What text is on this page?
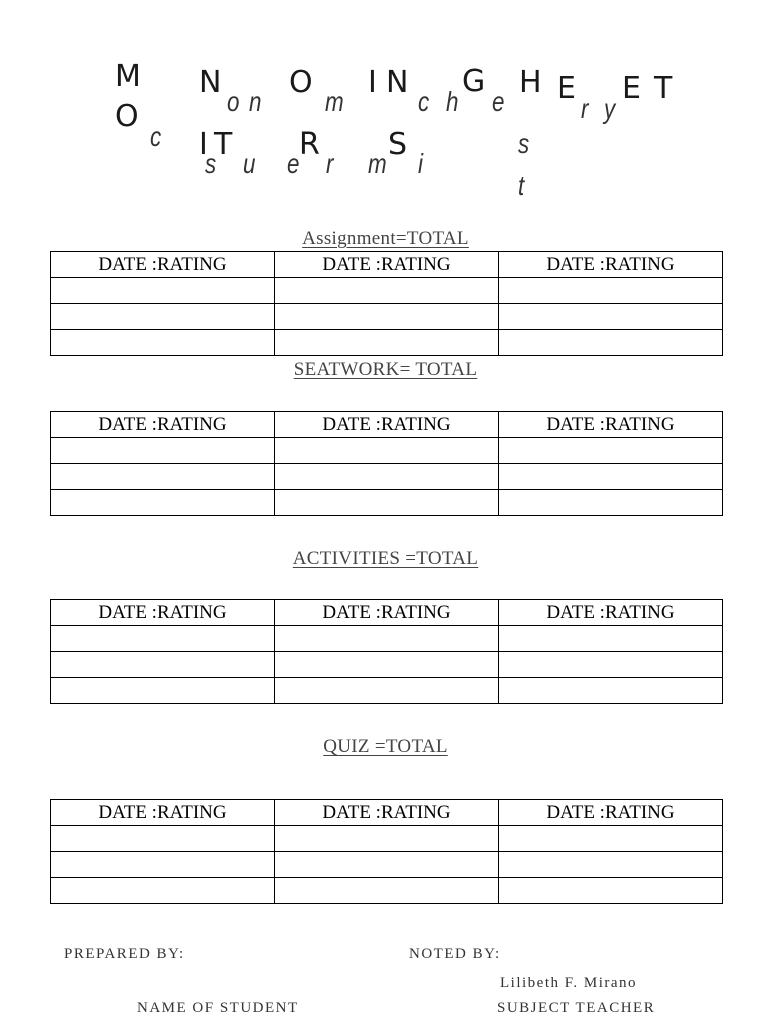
M
O
c
N
o n
I T
s u
O
m
R
e r
I N
c h
S
m i
G
e
H
s
t
E
r y
E T
Assignment=TOTAL
DATE :RATING	DATE :RATING	DATE :RATING

SEATWORK= TOTAL
DATE :RATING	DATE :RATING	DATE :RATING

ACTIVITIES =TOTAL
DATE :RATING	DATE :RATING	DATE :RATING

QUIZ =TOTAL
DATE :RATING	DATE :RATING	DATE :RATING

PREPARED BY:	NOTED BY:
Lilibeth F. Mirano
NAME OF STUDENT	SUBJECT TEACHER
